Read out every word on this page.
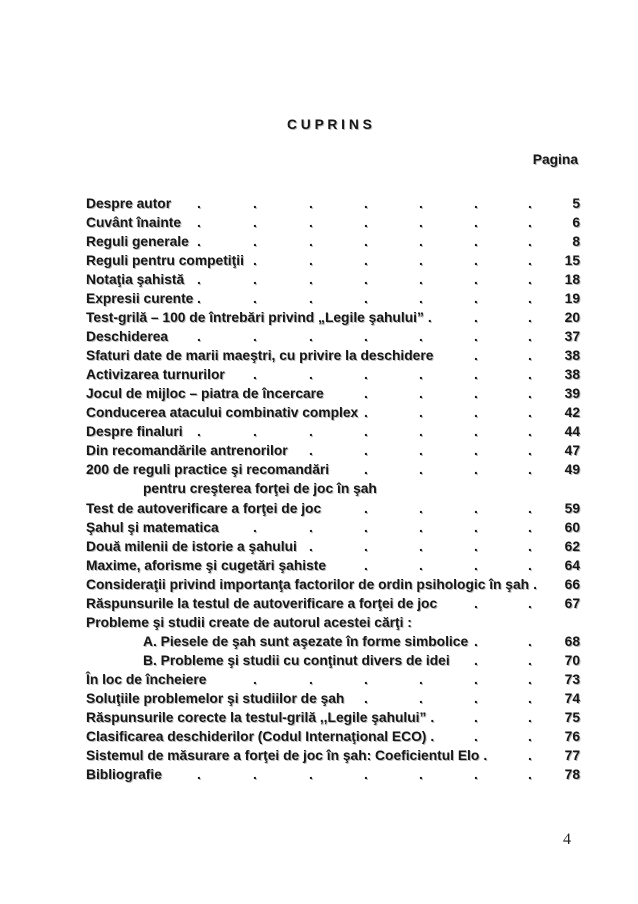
C U P R I N S
Pagina
Despre autor	5
.	.	.	.	.	.	.
Cuvânt înainte	6
.	.	.	.	.	.	.
Reguli generale	8
.	.	.	.	.	.	.
Reguli pentru competiţii	15
.	.	.	.	.	.
Notaţia şahistă	18
.	.	.	.	.	.	.
Expresii curente	19
.	.	.	.	.	.	.
Test-grilă – 100 de întrebări privind „Legile şahului”	20
.	.	.
Deschiderea	37
.	.	.	.	.	.	.
Sfaturi date de marii maeştri, cu privire la deschidere	38
.	.
Activizarea turnurilor	38
.	.	.	.	.	.
Jocul de mijloc – piatra de încercare	39
.	.	.	.
Conducerea atacului combinativ complex	42
.	.	.	.
Despre finaluri	44
.	.	.	.	.	.	.
Din recomandările antrenorilor	47
.	.	.	.	.
200 de reguli practice şi recomandări	49
.	.	.	.
pentru creşterea forţei de joc în şah
Test de autoverificare a forţei de joc	59
.	.	.	.
Şahul şi matematica	60
.	.	.	.	.	.
Două milenii de istorie a şahului	62
.	.	.	.	.
Maxime, aforisme şi cugetări şahiste	64
.	.	.	.
Consideraţii privind importanţa factorilor de ordin psihologic în şah	66
.
Răspunsurile la testul de autoverificare a forţei de joc	67
.	.
Probleme şi studii create de autorul acestei cărţi :
A. Piesele de şah sunt aşezate în forme simbolice	68
.	.
B. Probleme şi studii cu conţinut divers de idei	70
.	.
În loc de încheiere	73
.	.	.	.	.	.
Soluţiile problemelor şi studiilor de şah	74
.	.	.	.
Răspunsurile corecte la testul-grilă ,,Legile şahului”	75
.	.	.
Clasificarea deschiderilor (Codul Internaţional ECO)	76
.	.	.
Sistemul de măsurare a forţei de joc în şah: Coeficientul Elo	77
.	.
Bibliografie	78
.	.	.	.	.	.	.
4
